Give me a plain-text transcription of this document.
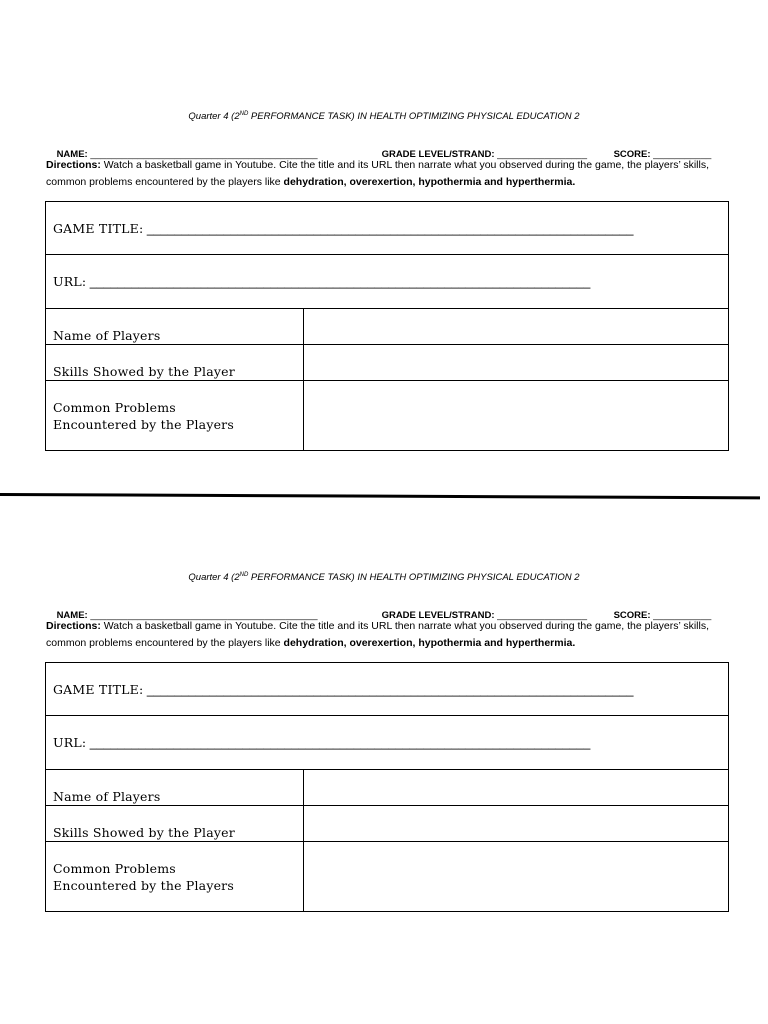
Quarter 4 (2ND PERFORMANCE TASK) IN HEALTH OPTIMIZING PHYSICAL EDUCATION 2

NAME: ___________________________________________
	GRADE LEVEL/STRAND: _________________
	SCORE: ___________

Directions: Watch a basketball game in Youtube. Cite the title and its URL then narrate what you observed during the game, the players’ skills, common problems encountered by the players like dehydration, overexertion, hypothermia and hyperthermia.
GAME TITLE: ______________________________________________________________________	
URL: ________________________________________________________________________	
Name of Players	
Skills Showed by the Player	

Common Problems
Encountered by the Players	

Quarter 4 (2ND PERFORMANCE TASK) IN HEALTH OPTIMIZING PHYSICAL EDUCATION 2

NAME: ___________________________________________
	GRADE LEVEL/STRAND: _________________
	SCORE: ___________

Directions: Watch a basketball game in Youtube. Cite the title and its URL then narrate what you observed during the game, the players’ skills, common problems encountered by the players like dehydration, overexertion, hypothermia and hyperthermia.
GAME TITLE: ______________________________________________________________________	
URL: ________________________________________________________________________	
Name of Players	
Skills Showed by the Player	

Common Problems
Encountered by the Players	
